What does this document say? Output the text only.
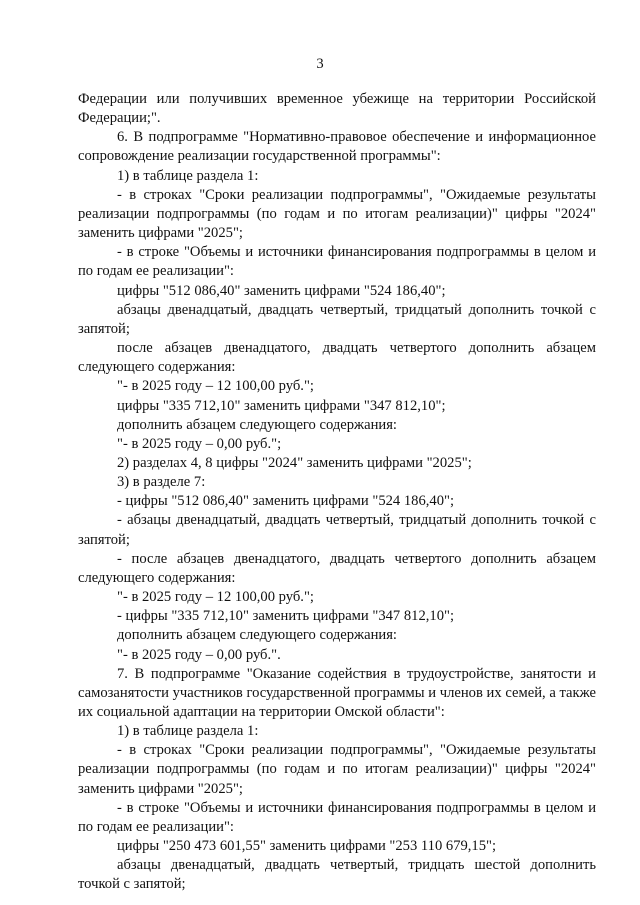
3

Федерации или получивших временное убежище на территории Российской Федерации;".

6. В подпрограмме "Нормативно-правовое обеспечение и информационное сопровождение реализации государственной программы":

1) в таблице раздела 1:

- в строках "Сроки реализации подпрограммы", "Ожидаемые результаты реализации подпрограммы (по годам и по итогам реализации)" цифры "2024" заменить цифрами "2025";

- в строке "Объемы и источники финансирования подпрограммы в целом и по годам ее реализации":

цифры "512 086,40" заменить цифрами "524 186,40";

абзацы двенадцатый, двадцать четвертый, тридцатый дополнить точкой с запятой;

после абзацев двенадцатого, двадцать четвертого дополнить абзацем следующего содержания:

"- в 2025 году – 12 100,00 руб.";

цифры "335 712,10" заменить цифрами "347 812,10";

дополнить абзацем следующего содержания:

"- в 2025 году – 0,00 руб.";

2) разделах 4, 8 цифры "2024" заменить цифрами "2025";

3) в разделе 7:

- цифры "512 086,40" заменить цифрами "524 186,40";

- абзацы двенадцатый, двадцать четвертый, тридцатый дополнить точкой с запятой;

- после абзацев двенадцатого, двадцать четвертого дополнить абзацем следующего содержания:

"- в 2025 году – 12 100,00 руб.";

- цифры "335 712,10" заменить цифрами "347 812,10";

дополнить абзацем следующего содержания:

"- в 2025 году – 0,00 руб.".

7. В подпрограмме "Оказание содействия в трудоустройстве, занятости и самозанятости участников государственной программы и членов их семей, а также их социальной адаптации на территории Омской области":

1) в таблице раздела 1:

- в строках "Сроки реализации подпрограммы", "Ожидаемые результаты реализации подпрограммы (по годам и по итогам реализации)" цифры "2024" заменить цифрами "2025";

- в строке "Объемы и источники финансирования подпрограммы в целом и по годам ее реализации":

цифры "250 473 601,55" заменить цифрами "253 110 679,15";

абзацы двенадцатый, двадцать четвертый, тридцать шестой дополнить точкой с запятой;
